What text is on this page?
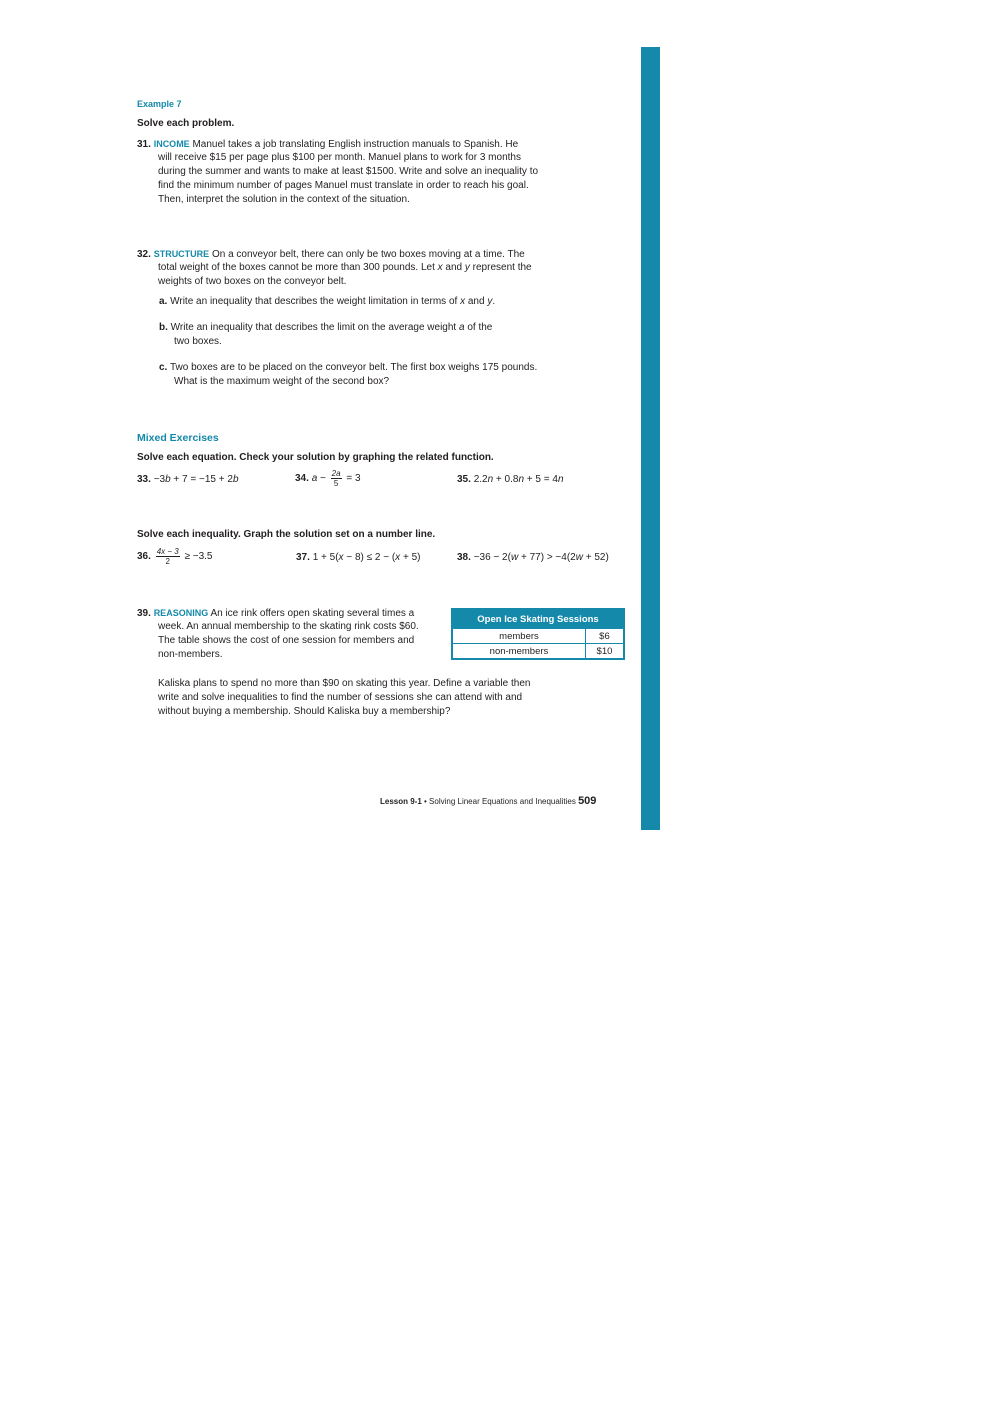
Example 7
Solve each problem.
31. INCOME Manuel takes a job translating English instruction manuals to Spanish. He
will receive $15 per page plus $100 per month. Manuel plans to work for 3 months
during the summer and wants to make at least $1500. Write and solve an inequality to
find the minimum number of pages Manuel must translate in order to reach his goal.
Then, interpret the solution in the context of the situation.
32. STRUCTURE On a conveyor belt, there can only be two boxes moving at a time. The
total weight of the boxes cannot be more than 300 pounds. Let x and y represent the
weights of two boxes on the conveyor belt.
a. Write an inequality that describes the weight limitation in terms of x and y.
b. Write an inequality that describes the limit on the average weight a of the
two boxes.
c. Two boxes are to be placed on the conveyor belt. The first box weighs 175 pounds.
What is the maximum weight of the second box?
Mixed Exercises
Solve each equation. Check your solution by graphing the related function.
33. −3b + 7 = −15 + 2b	34. $a - \frac{2a}{5} = 3$	35. 2.2n + 0.8n + 5 = 4n
Solve each inequality. Graph the solution set on a number line.
36. $\frac{4x - 3}{2} \ge -3.5$	37. 1 + 5(x − 8) ≤ 2 − (x + 5)	38. −36 − 2(w + 77) > −4(2w + 52)
39. REASONING An ice rink offers open skating several times a
week. An annual membership to the skating rink costs $60.
The table shows the cost of one session for members and
non-members.
Kaliska plans to spend no more than $90 on skating this year. Define a variable then
write and solve inequalities to find the number of sessions she can attend with and
without buying a membership. Should Kaliska buy a membership?
Open Ice Skating Sessions	
members	$6
non-members	$10
Lesson 9-1 • Solving Linear Equations and Inequalities 509
